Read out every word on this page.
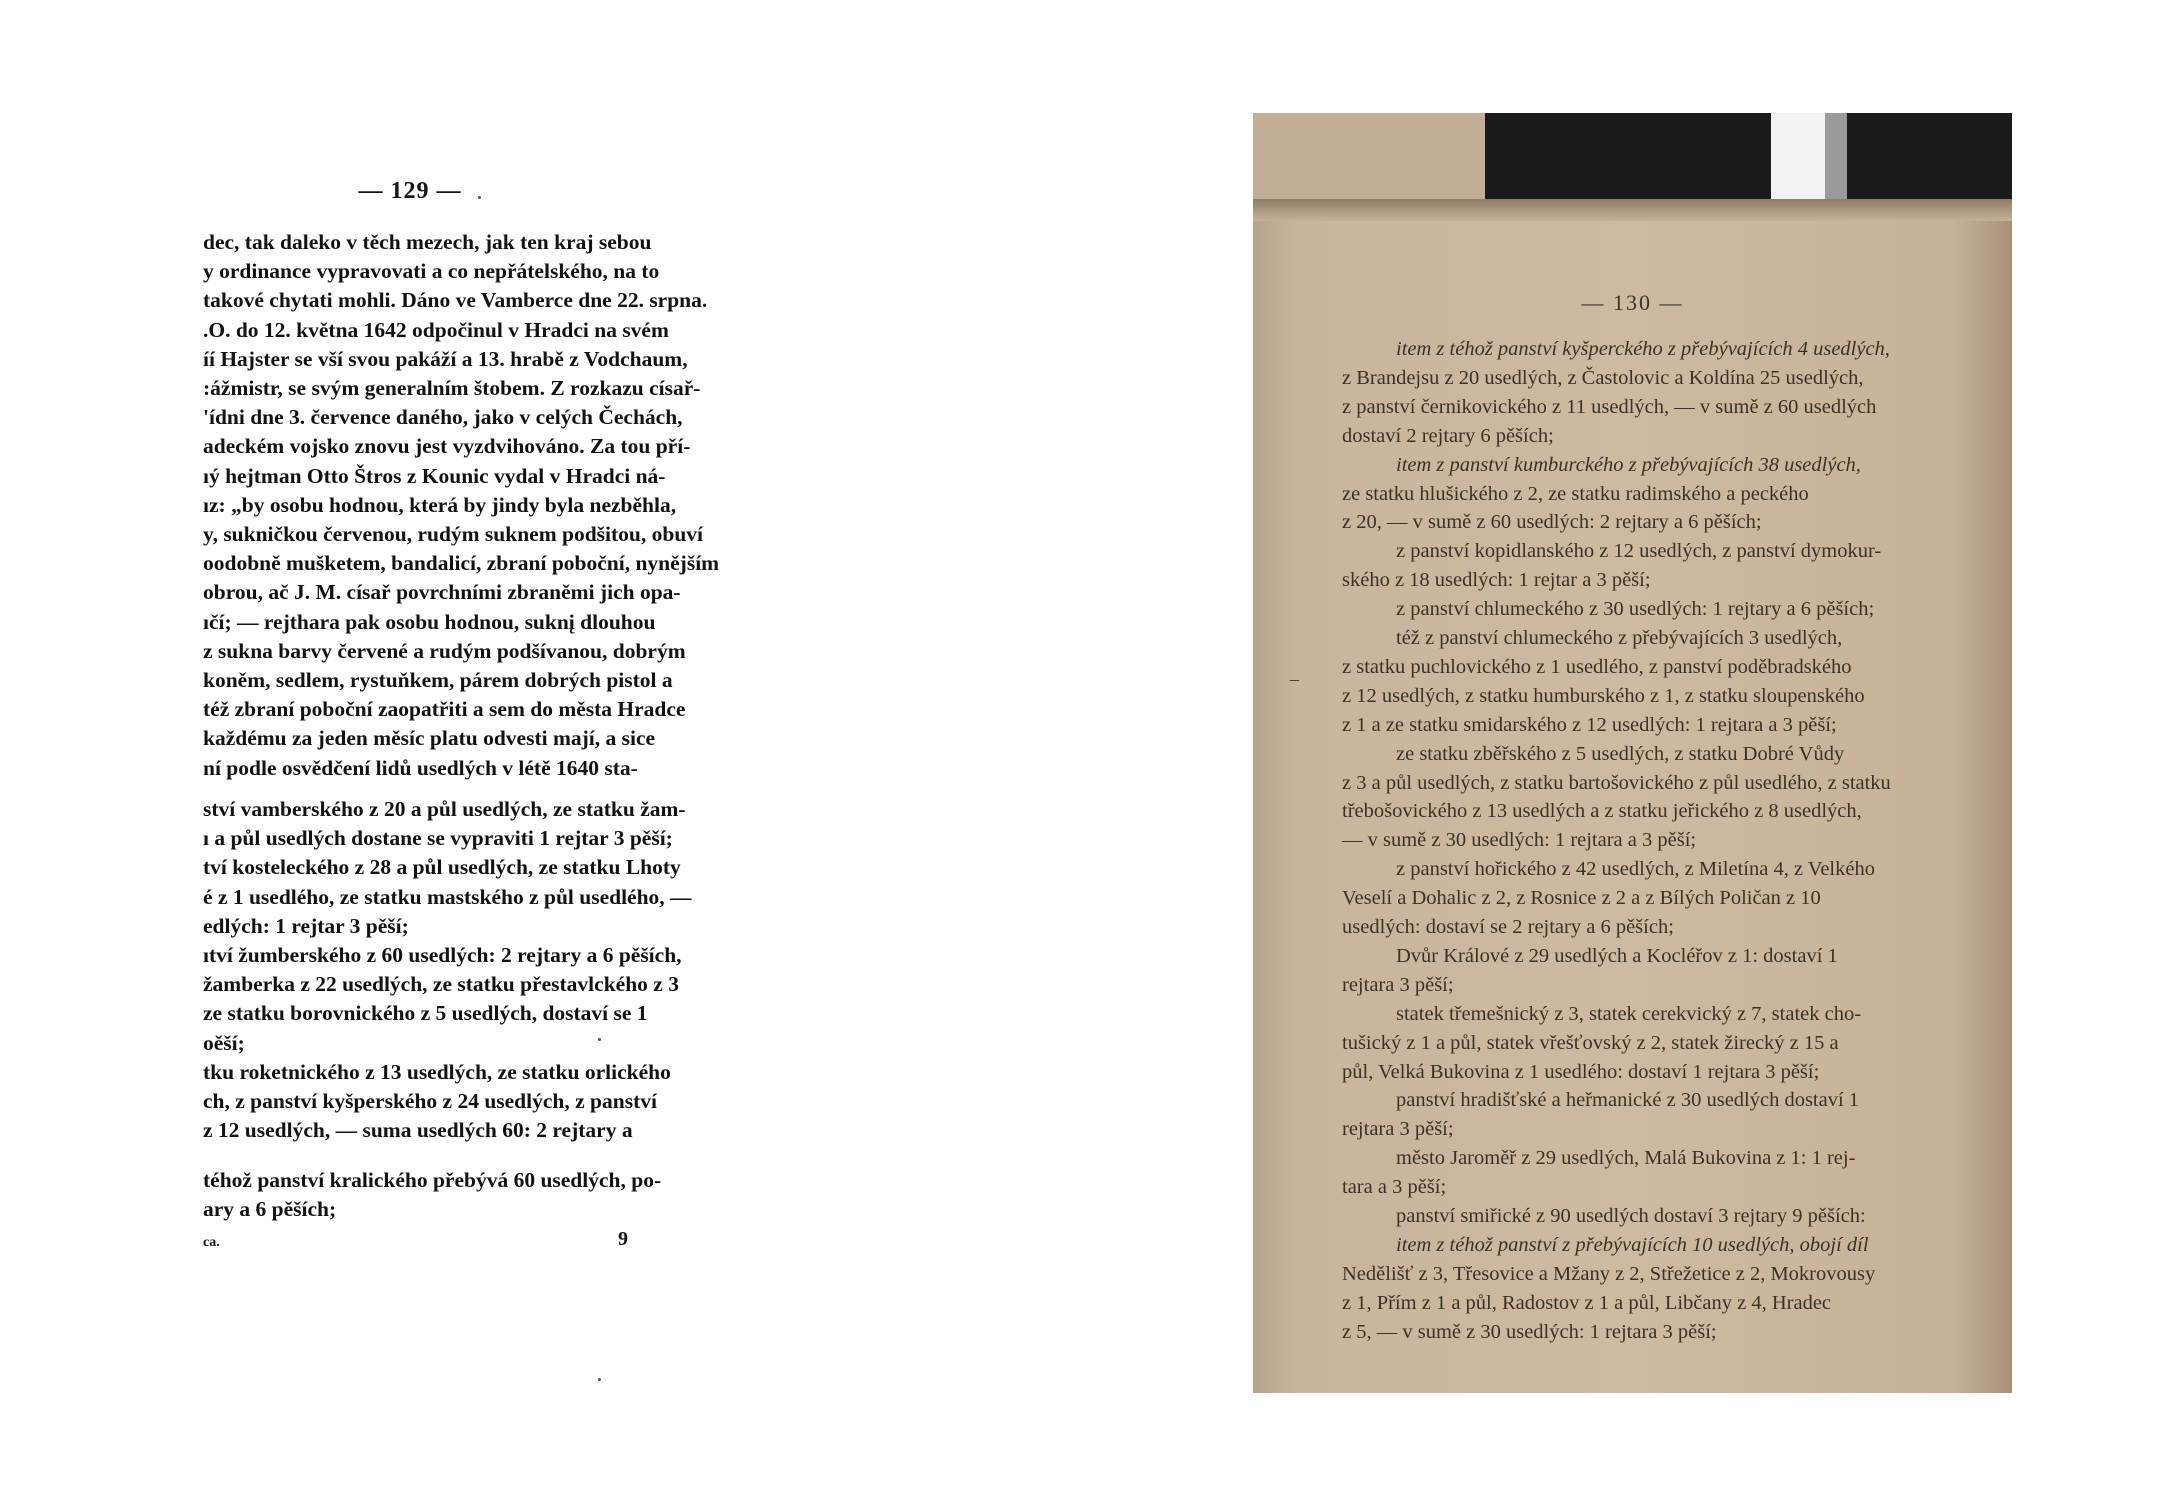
— 129 —
dec, tak daleko v těch mezech, jak ten kraj sebou
y ordinance vypravovati a co nepřátelského, na to
takové chytati mohli. Dáno ve Vamberce dne 22. srpna.
.O. do 12. května 1642 odpočinul v Hradci na svém
íí Hajster se vší svou pakáží a 13. hrabě z Vodchaum,
:ážmistr, se svým generalním štobem. Z rozkazu císař-
'ídni dne 3. července daného, jako v celých Čechách,
adeckém vojsko znovu jest vyzdvihováno. Za tou pří-
ıý hejtman Otto Štros z Kounic vydal v Hradci ná-
ız: „by osobu hodnou, která by jindy byla nezběhla,
y, sukničkou červenou, rudým suknem podšitou, obuví
oodobně mušketem, bandalicí, zbraní poboční, nynějším
obrou, ač J. M. císař povrchními zbraněmi jich opa-
ıčí; — rejthara pak osobu hodnou, suknį dlouhou
z sukna barvy červené a rudým podšívanou, dobrým
koněm, sedlem, rystuňkem, párem dobrých pistol a
též zbraní poboční zaopatřiti a sem do města Hradce
každému za jeden měsíc platu odvesti mají, a sice
ní podle osvědčení lidů usedlých v létě 1640 sta-
ství vamberského z 20 a půl usedlých, ze statku žam-
ı a půl usedlých dostane se vypraviti 1 rejtar 3 pěší;
tví kosteleckého z 28 a půl usedlých, ze statku Lhoty
é z 1 usedlého, ze statku mastského z půl usedlého, —
edlých: 1 rejtar 3 pěší;
ıtví žumberského z 60 usedlých: 2 rejtary a 6 pěších,
žamberka z 22 usedlých, ze statku přestavlckého z 3
ze statku borovnického z 5 usedlých, dostaví se 1
oěší;
tku roketnického z 13 usedlých, ze statku orlického
ch, z panství kyšperského z 24 usedlých, z panství
z 12 usedlých, — suma usedlých 60: 2 rejtary a
téhož panství kralického přebývá 60 usedlých, po-
ary a 6 pěších;
ca.	9
— 130 —
item z téhož panství kyšperckého z přebývajících 4 usedlých,
z Brandejsu z 20 usedlých, z Častolovic a Koldína 25 usedlých,
z panství černikovického z 11 usedlých, — v sumě z 60 usedlých
dostaví 2 rejtary 6 pěších;
item z panství kumburckého z přebývajících 38 usedlých,
ze statku hlušického z 2, ze statku radimského a peckého
z 20, — v sumě z 60 usedlých: 2 rejtary a 6 pěších;
z panství kopidlanského z 12 usedlých, z panství dymokur-
ského z 18 usedlých: 1 rejtar a 3 pěší;
z panství chlumeckého z 30 usedlých: 1 rejtary a 6 pěších;
též z panství chlumeckého z přebývajících 3 usedlých,
z statku puchlovického z 1 usedlého, z panství poděbradského
z 12 usedlých, z statku humburského z 1, z statku sloupenského
z 1 a ze statku smidarského z 12 usedlých: 1 rejtara a 3 pěší;
ze statku zběřského z 5 usedlých, z statku Dobré Vůdy
z 3 a půl usedlých, z statku bartošovického z půl usedlého, z statku
třebošovického z 13 usedlých a z statku jeřického z 8 usedlých,
— v sumě z 30 usedlých: 1 rejtara a 3 pěší;
z panství hořického z 42 usedlých, z Miletína 4, z Velkého
Veselí a Dohalic z 2, z Rosnice z 2 a z Bílých Poličan z 10
usedlých: dostaví se 2 rejtary a 6 pěších;
Dvůr Králové z 29 usedlých a Kocléřov z 1: dostaví 1
rejtara 3 pěší;
statek třemešnický z 3, statek cerekvický z 7, statek cho-
tušický z 1 a půl, statek vřešťovský z 2, statek žirecký z 15 a
půl, Velká Bukovina z 1 usedlého: dostaví 1 rejtara 3 pěší;
panství hradišťské a heřmanické z 30 usedlých dostaví 1
rejtara 3 pěší;
město Jaroměř z 29 usedlých, Malá Bukovina z 1: 1 rej-
tara a 3 pěší;
panství smiřické z 90 usedlých dostaví 3 rejtary 9 pěších:
item z téhož panství z přebývajících 10 usedlých, obojí díl
Nedělišť z 3, Třesovice a Mžany z 2, Střežetice z 2, Mokrovousy
z 1, Přím z 1 a půl, Radostov z 1 a půl, Libčany z 4, Hradec
z 5, — v sumě z 30 usedlých: 1 rejtara 3 pěší;
–
